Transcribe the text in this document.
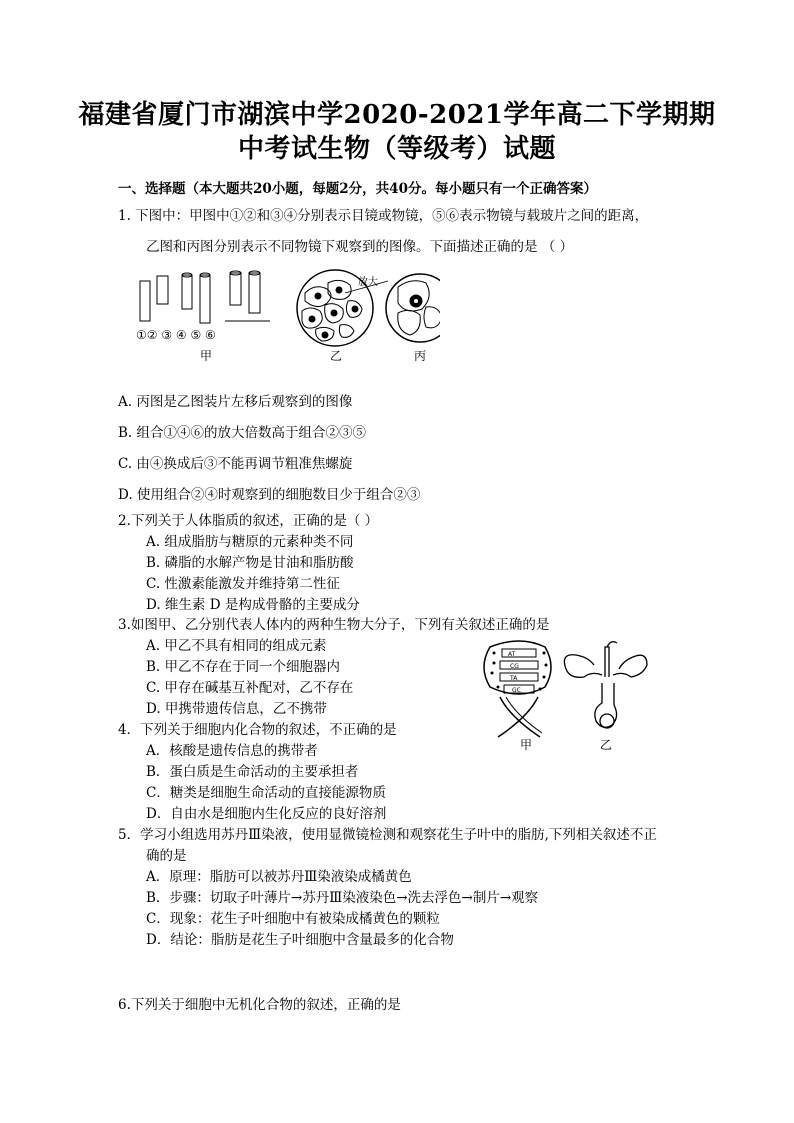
福建省厦门市湖滨中学2020-2021学年高二下学期期
中考试生物（等级考）试题
一、选择题（本大题共20小题，每题2分，共40分。每小题只有一个正确答案）
1. 下图中：甲图中①②和③④分别表示目镜或物镜，⑤⑥表示物镜与载玻片之间的距离，
乙图和丙图分别表示不同物镜下观察到的图像。下面描述正确的是 （ ）
①② ③ ④ ⑤ ⑥
甲	乙
放大
丙
A. 丙图是乙图装片左移后观察到的图像
B. 组合①④⑥的放大倍数高于组合②③⑤
C. 由④换成后③不能再调节粗准焦螺旋
D. 使用组合②④时观察到的细胞数目少于组合②③
2.下列关于人体脂质的叙述，正确的是（ ）
A. 组成脂肪与糖原的元素种类不同
B. 磷脂的水解产物是甘油和脂肪酸
C. 性激素能激发并维持第二性征
D. 维生素 D 是构成骨骼的主要成分
3.如图甲、乙分别代表人体内的两种生物大分子，下列有关叙述正确的是
A. 甲乙不具有相同的组成元素
B. 甲乙不存在于同一个细胞器内
C. 甲存在碱基互补配对，乙不存在
D. 甲携带遗传信息，乙不携带
AT
CG
TA
GC
甲	乙
4．下列关于细胞内化合物的叙述，不正确的是
A．核酸是遗传信息的携带者
B．蛋白质是生命活动的主要承担者
C．糖类是细胞生命活动的直接能源物质
D．自由水是细胞内生化反应的良好溶剂
5．学习小组选用苏丹Ⅲ染液，使用显微镜检测和观察花生子叶中的脂肪,下列相关叙述不正
确的是
A．原理：脂肪可以被苏丹Ⅲ染液染成橘黄色
B．步骤：切取子叶薄片→苏丹Ⅲ染液染色→洗去浮色→制片→观察
C．现象：花生子叶细胞中有被染成橘黄色的颗粒
D．结论：脂肪是花生子叶细胞中含量最多的化合物
6.下列关于细胞中无机化合物的叙述，正确的是
